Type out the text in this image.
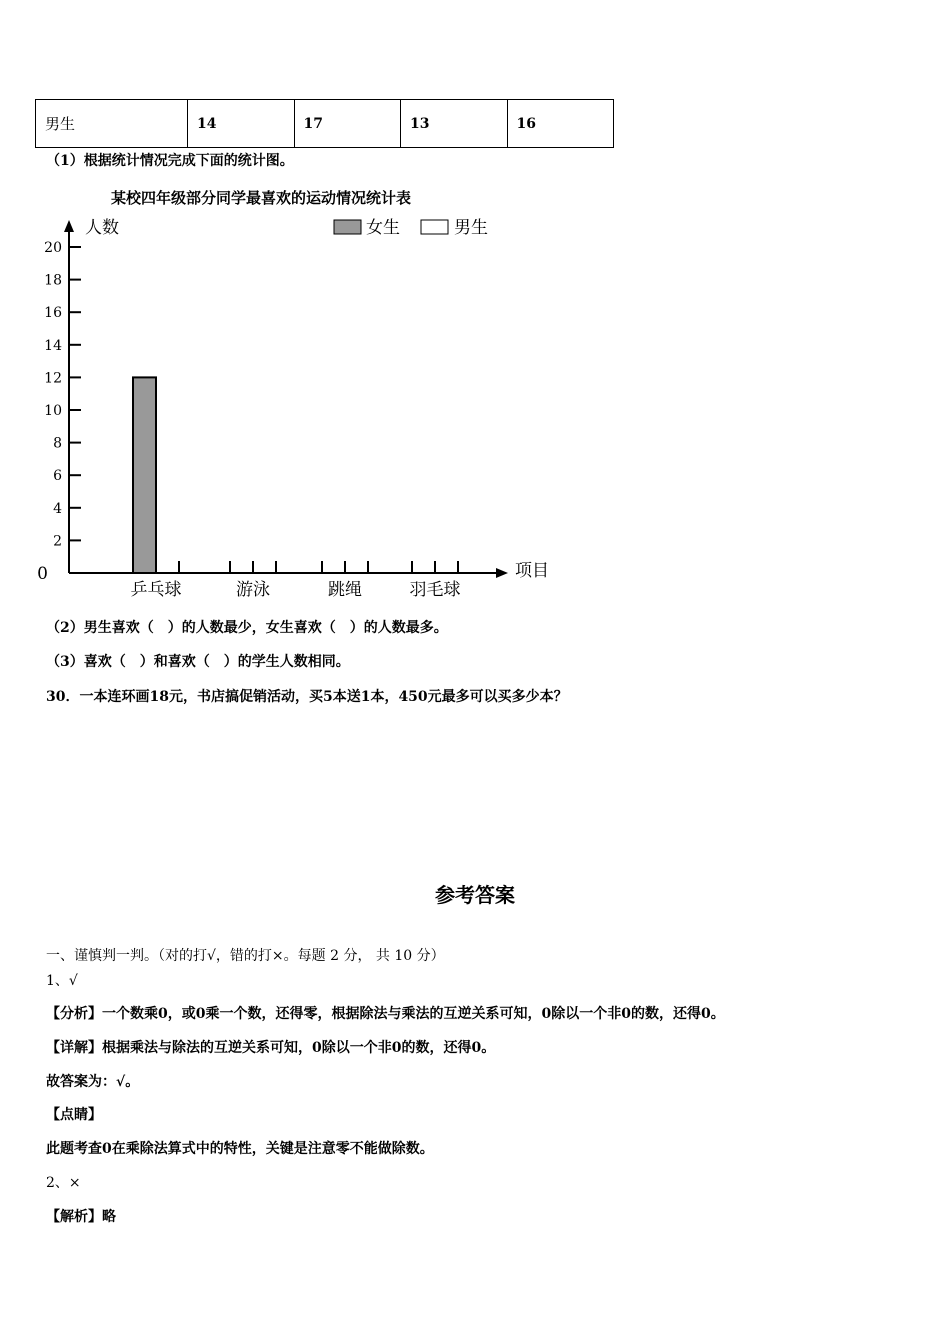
男生	14	17	13	16
（1）根据统计情况完成下面的统计图。
某校四年级部分同学最喜欢的运动情况统计表
女生	男生
人数
项目
0
2
4
6
8
10
12
14
16
18
20
乒乓球	游泳	跳绳	羽毛球
（2）男生喜欢（　）的人数最少，女生喜欢（　）的人数最多。
（3）喜欢（　）和喜欢（　）的学生人数相同。
30．一本连环画18元，书店搞促销活动，买5本送1本，450元最多可以买多少本？
参考答案
一、谨慎判一判。（对的打√，错的打×。每题 2 分， 共 10 分）
1、√
【分析】一个数乘0，或0乘一个数，还得零，根据除法与乘法的互逆关系可知，0除以一个非0的数，还得0。
【详解】根据乘法与除法的互逆关系可知，0除以一个非0的数，还得0。
故答案为：√。
【点睛】
此题考查0在乘除法算式中的特性，关键是注意零不能做除数。
2、×
【解析】略
